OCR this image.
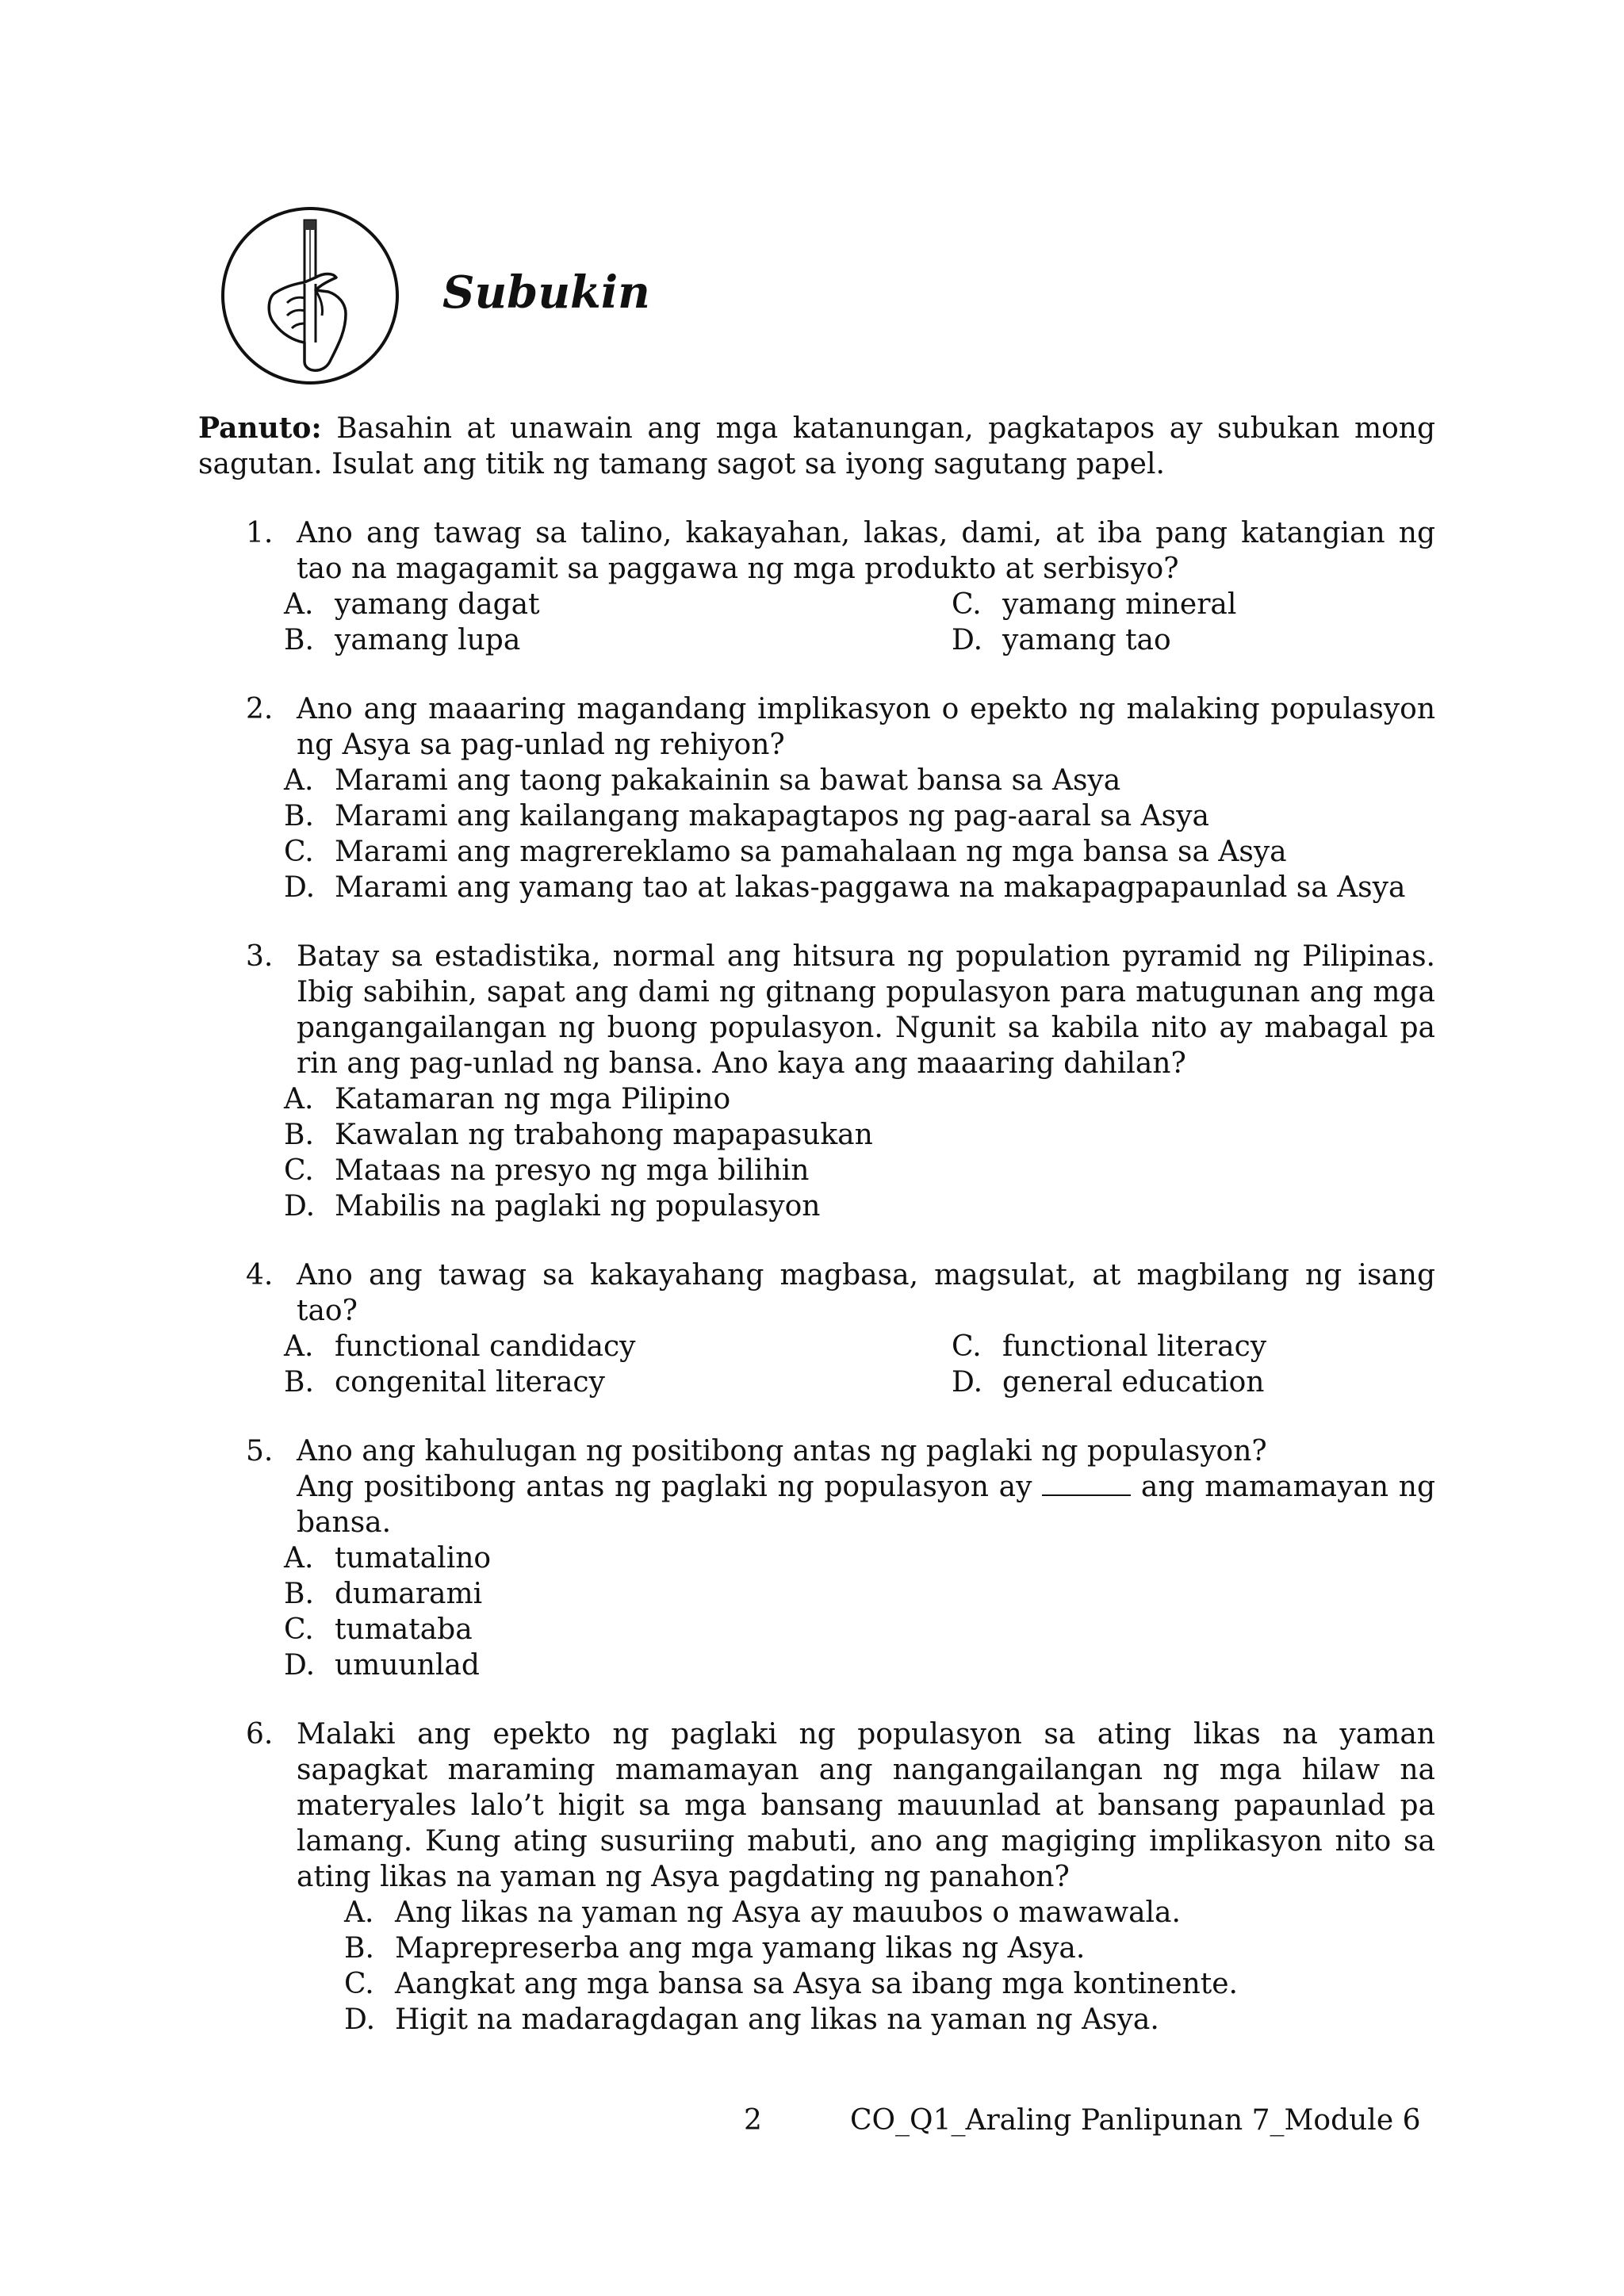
Subukin

Panuto: Basahin at unawain ang mga katanungan, pagkatapos ay subukan mong sagutan. Isulat ang titik ng tamang sagot sa iyong sagutang papel.

1. Ano ang tawag sa talino, kakayahan, lakas, dami, at iba pang katangian ng tao na magagamit sa paggawa ng mga produkto at serbisyo?
A. yamang dagat	C. yamang mineral
B. yamang lupa	D. yamang tao
2. Ano ang maaaring magandang implikasyon o epekto ng malaking populasyon ng Asya sa pag-unlad ng rehiyon?
A. Marami ang taong pakakainin sa bawat bansa sa Asya
B. Marami ang kailangang makapagtapos ng pag-aaral sa Asya
C. Marami ang magrereklamo sa pamahalaan ng mga bansa sa Asya
D. Marami ang yamang tao at lakas-paggawa na makapagpapaunlad sa Asya
3. Batay sa estadistika, normal ang hitsura ng population pyramid ng Pilipinas. Ibig sabihin, sapat ang dami ng gitnang populasyon para matugunan ang mga pangangailangan ng buong populasyon. Ngunit sa kabila nito ay mabagal pa rin ang pag-unlad ng bansa. Ano kaya ang maaaring dahilan?
A. Katamaran ng mga Pilipino
B. Kawalan ng trabahong mapapasukan
C. Mataas na presyo ng mga bilihin
D. Mabilis na paglaki ng populasyon
4. Ano ang tawag sa kakayahang magbasa, magsulat, at magbilang ng isang tao?
A. functional candidacy	C. functional literacy
B. congenital literacy	D. general education
5. Ano ang kahulugan ng positibong antas ng paglaki ng populasyon?
Ang positibong antas ng paglaki ng populasyon ay	ang mamamayan ng bansa.
A. tumatalino
B. dumarami
C. tumataba
D. umuunlad
6. Malaki ang epekto ng paglaki ng populasyon sa ating likas na yaman sapagkat maraming mamamayan ang nangangailangan ng mga hilaw na materyales lalo’t higit sa mga bansang mauunlad at bansang papaunlad pa lamang. Kung ating susuriing mabuti, ano ang magiging implikasyon nito sa ating likas na yaman ng Asya pagdating ng panahon?
A. Ang likas na yaman ng Asya ay mauubos o mawawala.
B. Maprepreserba ang mga yamang likas ng Asya.
C. Aangkat ang mga bansa sa Asya sa ibang mga kontinente.
D. Higit na madaragdagan ang likas na yaman ng Asya.
2	CO_Q1_Araling Panlipunan 7_Module 6
